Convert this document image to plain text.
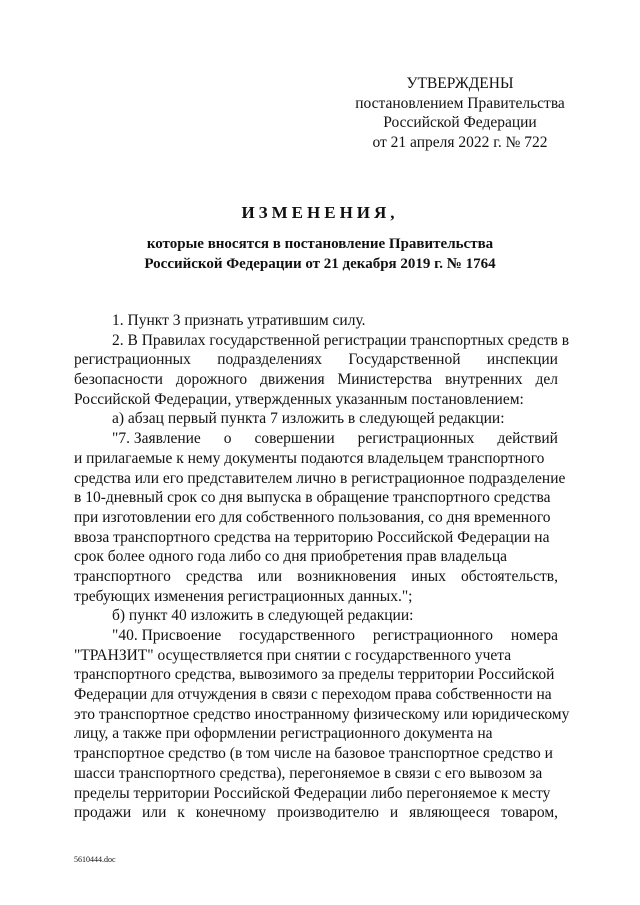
УТВЕРЖДЕНЫ
постановлением Правительства
Российской Федерации
от 21 апреля 2022 г. № 722
ИЗМЕНЕНИЯ,
которые вносятся в постановление Правительства
Российской Федерации от 21 декабря 2019 г. № 1764
1. Пункт 3 признать утратившим силу.
2. В Правилах государственной регистрации транспортных средств в
регистрационных подразделениях Государственной инспекции
безопасности дорожного движения Министерства внутренних дел
Российской Федерации, утвержденных указанным постановлением:
а) абзац первый пункта 7 изложить в следующей редакции:
"7. Заявление о совершении регистрационных действий
и прилагаемые к нему документы подаются владельцем транспортного
средства или его представителем лично в регистрационное подразделение
в 10-дневный срок со дня выпуска в обращение транспортного средства
при изготовлении его для собственного пользования, со дня временного
ввоза транспортного средства на территорию Российской Федерации на
срок более одного года либо со дня приобретения прав владельца
транспортного средства или возникновения иных обстоятельств,
требующих изменения регистрационных данных.";
б) пункт 40 изложить в следующей редакции:
"40. Присвоение государственного регистрационного номера
"ТРАНЗИТ" осуществляется при снятии с государственного учета
транспортного средства, вывозимого за пределы территории Российской
Федерации для отчуждения в связи с переходом права собственности на
это транспортное средство иностранному физическому или юридическому
лицу, а также при оформлении регистрационного документа на
транспортное средство (в том числе на базовое транспортное средство и
шасси транспортного средства), перегоняемое в связи с его вывозом за
пределы территории Российской Федерации либо перегоняемое к месту
продажи или к конечному производителю и являющееся товаром,
5610444.doc
